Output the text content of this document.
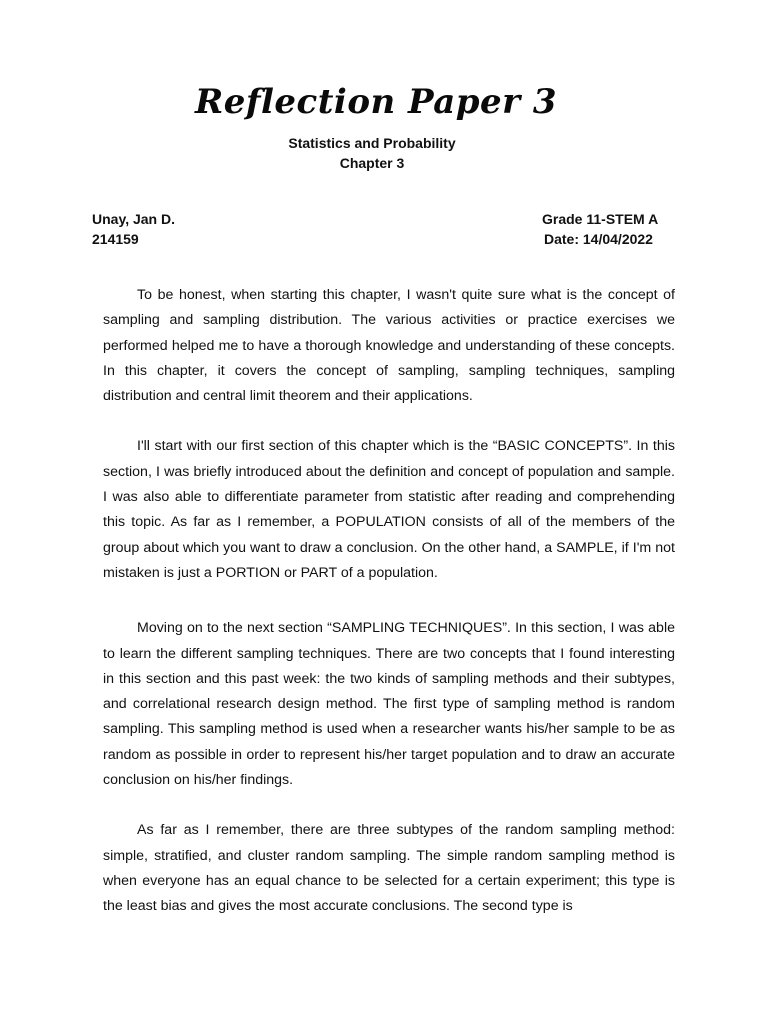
Reflection Paper 3
Statistics and Probability
Chapter 3
Unay, Jan D.
214159
Grade 11-STEM A
Date: 14/04/2022

To be honest, when starting this chapter, I wasn't quite sure what is the concept of sampling and sampling distribution. The various activities or practice exercises we performed helped me to have a thorough knowledge and understanding of these concepts. In this chapter, it covers the concept of sampling, sampling techniques, sampling distribution and central limit theorem and their applications.

I'll start with our first section of this chapter which is the “BASIC CONCEPTS”. In this section, I was briefly introduced about the definition and concept of population and sample. I was also able to differentiate parameter from statistic after reading and comprehending this topic. As far as I remember, a POPULATION consists of all of the members of the group about which you want to draw a conclusion. On the other hand, a SAMPLE, if I'm not mistaken is just a PORTION or PART of a population.

Moving on to the next section “SAMPLING TECHNIQUES”. In this section, I was able to learn the different sampling techniques. There are two concepts that I found interesting in this section and this past week: the two kinds of sampling methods and their subtypes, and correlational research design method. The first type of sampling method is random sampling. This sampling method is used when a researcher wants his/her sample to be as random as possible in order to represent his/her target population and to draw an accurate conclusion on his/her findings.

As far as I remember, there are three subtypes of the random sampling method: simple, stratified, and cluster random sampling. The simple random sampling method is when everyone has an equal chance to be selected for a certain experiment; this type is the least bias and gives the most accurate conclusions. The second type is
